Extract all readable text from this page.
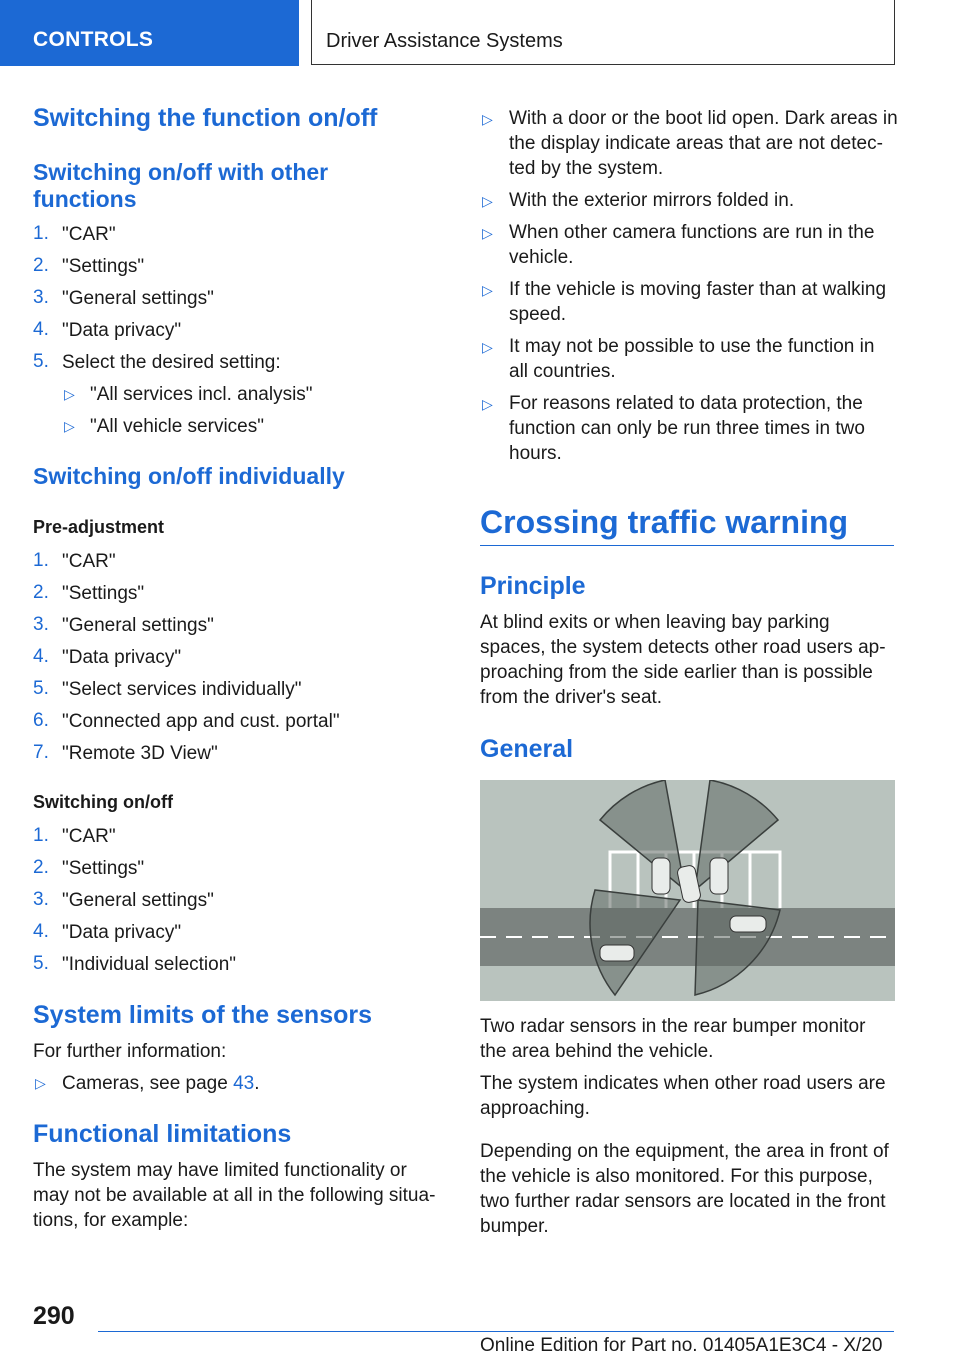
CONTROLS	Driver Assistance Systems
Switching the function on/off
Switching on/off with other
functions
1. "CAR"
2. "Settings"
3. "General settings"
4. "Data privacy"
5. Select the desired setting:
▷ "All services incl. analysis"
▷ "All vehicle services"
Switching on/off individually
Pre-adjustment
1. "CAR"
2. "Settings"
3. "General settings"
4. "Data privacy"
5. "Select services individually"
6. "Connected app and cust. portal"
7. "Remote 3D View"
Switching on/off
1. "CAR"
2. "Settings"
3. "General settings"
4. "Data privacy"
5. "Individual selection"
System limits of the sensors
For further information:
▷ Cameras, see page 43.
Functional limitations
The system may have limited functionality or
may not be available at all in the following situa-
tions, for example:
▷ With a door or the boot lid open. Dark areas in
the display indicate areas that are not detec-
ted by the system.
▷ With the exterior mirrors folded in.
▷ When other camera functions are run in the
vehicle.
▷ If the vehicle is moving faster than at walking
speed.
▷ It may not be possible to use the function in
all countries.
▷ For reasons related to data protection, the
function can only be run three times in two
hours.
Crossing traffic warning
Principle
At blind exits or when leaving bay parking
spaces, the system detects other road users ap-
proaching from the side earlier than is possible
from the driver's seat.
General
Two radar sensors in the rear bumper monitor
the area behind the vehicle.
The system indicates when other road users are
approaching.
Depending on the equipment, the area in front of
the vehicle is also monitored. For this purpose,
two further radar sensors are located in the front
bumper.
290
Online Edition for Part no. 01405A1E3C4 - X/20
